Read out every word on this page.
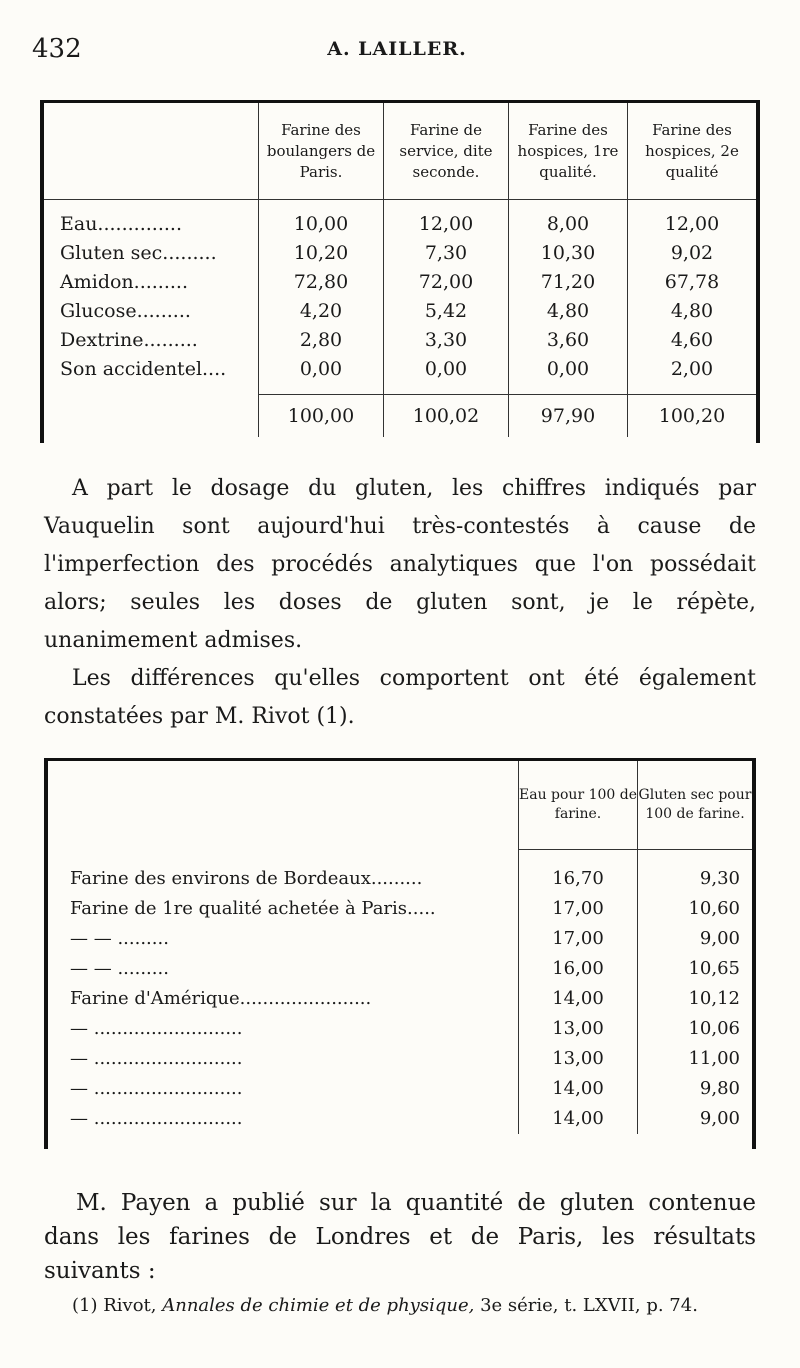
432	A. LAILLER.
	Farine des boulangers de Paris.	Farine de service, dite seconde.	Farine des hospices, 1re qualité.	Farine des hospices, 2e qualité

Eau..............	10,00	12,00	8,00	12,00
Gluten sec.........	10,20	7,30	10,30	9,02
Amidon.........	72,80	72,00	71,20	67,78
Glucose.........	4,20	5,42	4,80	4,80
Dextrine.........	2,80	3,30	3,60	4,60
Son accidentel....	0,00	0,00	0,00	2,00

	100,00	100,02	97,90	100,20

A part le dosage du gluten, les chiffres indiqués par Vauquelin sont aujourd'hui très-contestés à cause de l'imperfection des procédés analytiques que l'on possédait alors; seules les doses de gluten sont, je le répète, unanimement admises.

Les différences qu'elles comportent ont été également constatées par M. Rivot (1).

	Eau pour 100 de farine.	Gluten sec pour 100 de farine.

Farine des environs de Bordeaux.........	16,70	9,30
Farine de 1re qualité achetée à Paris.....	17,00	10,60
— — .........	17,00	9,00
— — .........	16,00	10,65
Farine d'Amérique.......................	14,00	10,12
— ..........................	13,00	10,06
— ..........................	13,00	11,00
— ..........................	14,00	9,80
— ..........................	14,00	9,00

M. Payen a publié sur la quantité de gluten contenue dans les farines de Londres et de Paris, les résultats suivants :

(1) Rivot, Annales de chimie et de physique, 3e série, t. LXVII, p. 74.
